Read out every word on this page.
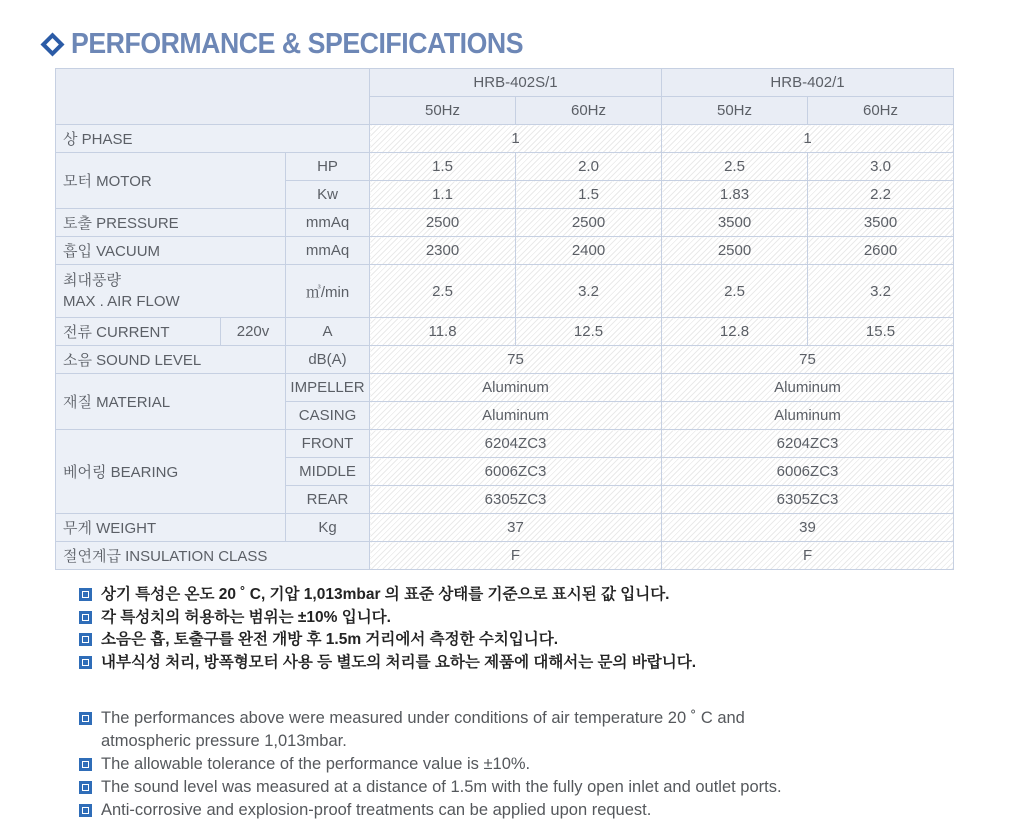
PERFORMANCE & SPECIFICATIONS
			HRB-402S/1		HRB-402/1	
			50Hz	60Hz	50Hz	60Hz
상 PHASE			1		1	
모터 MOTOR		HP	1.5	2.0	2.5	3.0
		Kw	1.1	1.5	1.83	2.2
토출 PRESSURE		mmAq	2500	2500	3500	3500
흡입 VACUUM		mmAq	2300	2400	2500	2600

최대풍량
MAX . AIR FLOW		㎥/min	2.5	3.2	2.5	3.2
전류 CURRENT	220v	A	11.8	12.5	12.8	15.5
소음 SOUND LEVEL		dB(A)	75		75	
재질 MATERIAL		IMPELLER	Aluminum		Aluminum	
		CASING	Aluminum		Aluminum	
베어링 BEARING		FRONT	6204ZC3		6204ZC3	
		MIDDLE	6006ZC3		6006ZC3	
		REAR	6305ZC3		6305ZC3	
무게 WEIGHT		Kg	37		39	
절연계급 INSULATION CLASS			F		F	
상기 특성은 온도 20 ˚ C, 기압 1,013mbar 의 표준 상태를 기준으로 표시된 값 입니다.
각 특성치의 허용하는 범위는 ±10% 입니다.
소음은 흡, 토출구를 완전 개방 후 1.5m 거리에서 측정한 수치입니다.
내부식성 처리, 방폭형모터 사용 등 별도의 처리를 요하는 제품에 대해서는 문의 바랍니다.
The performances above were measured under conditions of air temperature 20 ˚ C and atmospheric pressure 1,013mbar.
The allowable tolerance of the performance value is ±10%.
The sound level was measured at a distance of 1.5m with the fully open inlet and outlet ports.
Anti-corrosive and explosion-proof treatments can be applied upon request.
